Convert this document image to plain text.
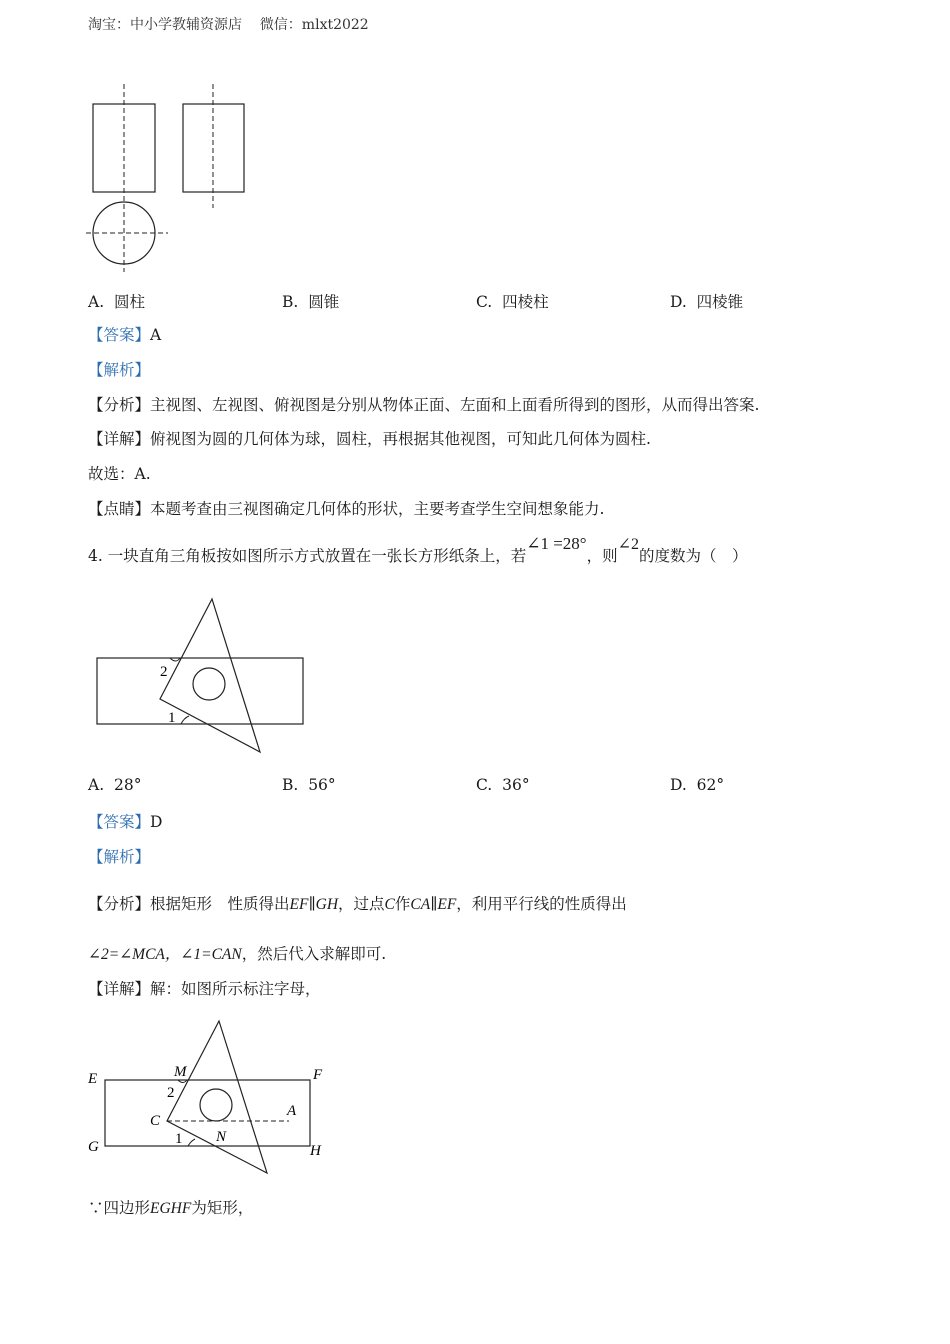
淘宝：中小学教辅资源店 微信：mlxt2022
A. 圆柱	B. 圆锥	C. 四棱柱	D. 四棱锥
【答案】A
【解析】
【分析】主视图、左视图、俯视图是分别从物体正面、左面和上面看所得到的图形，从而得出答案.
【详解】俯视图为圆的几何体为球，圆柱，再根据其他视图，可知此几何体为圆柱.
故选：A.
【点睛】本题考查由三视图确定几何体的形状，主要考查学生空间想象能力.
4. 一块直角三角板按如图所示方式放置在一张长方形纸条上，若∠1 =28°，则∠2的度数为（　）
2
1
A. 28°	B. 56°	C. 36°	D. 62°
【答案】D
【解析】
【分析】根据矩形　性质得出EF∥GH，过点C作CA∥EF，利用平行线的性质得出
∠2=∠MCA，∠1=CAN，然后代入求解即可.
【详解】解：如图所示标注字母，
E	F
G	H
M
C
A
N
2
1
∵四边形EGHF为矩形，
